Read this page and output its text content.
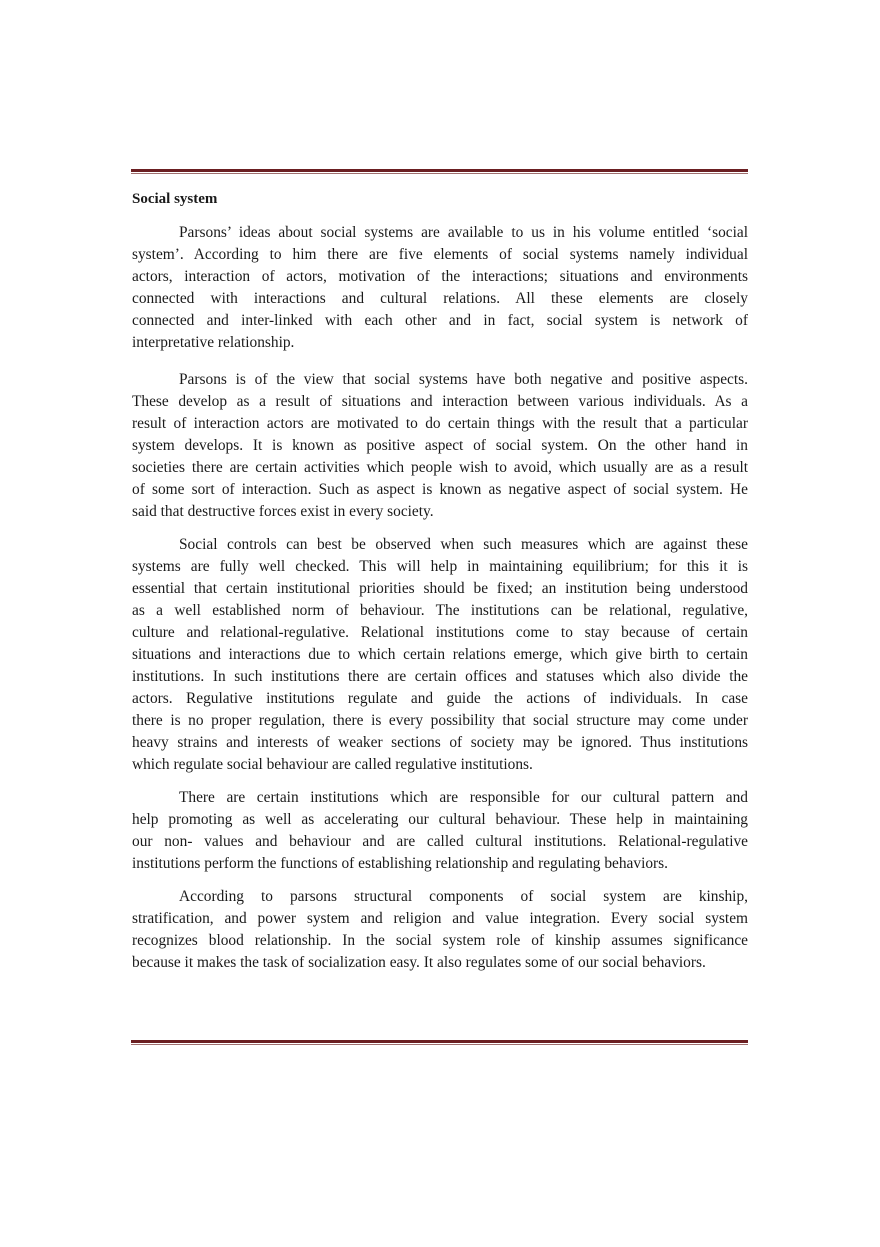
Social system
Parsons’ ideas about social systems are available to us in his volume entitled ‘social
system’. According to him there are five elements of social systems namely individual
actors, interaction of actors, motivation of the interactions; situations and environments
connected with interactions and cultural relations. All these elements are closely
connected and inter-linked with each other and in fact, social system is network of
interpretative relationship.
Parsons is of the view that social systems have both negative and positive aspects.
These develop as a result of situations and interaction between various individuals. As a
result of interaction actors are motivated to do certain things with the result that a particular
system develops. It is known as positive aspect of social system. On the other hand in
societies there are certain activities which people wish to avoid, which usually are as a result
of some sort of interaction. Such as aspect is known as negative aspect of social system. He
said that destructive forces exist in every society.
Social controls can best be observed when such measures which are against these
systems are fully well checked. This will help in maintaining equilibrium; for this it is
essential that certain institutional priorities should be fixed; an institution being understood
as a well established norm of behaviour. The institutions can be relational, regulative,
culture and relational-regulative. Relational institutions come to stay because of certain
situations and interactions due to which certain relations emerge, which give birth to certain
institutions. In such institutions there are certain offices and statuses which also divide the
actors. Regulative institutions regulate and guide the actions of individuals. In case
there is no proper regulation, there is every possibility that social structure may come under
heavy strains and interests of weaker sections of society may be ignored. Thus institutions
which regulate social behaviour are called regulative institutions.
There are certain institutions which are responsible for our cultural pattern and
help promoting as well as accelerating our cultural behaviour. These help in maintaining
our non- values and behaviour and are called cultural institutions. Relational-regulative
institutions perform the functions of establishing relationship and regulating behaviors.
According to parsons structural components of social system are kinship,
stratification, and power system and religion and value integration. Every social system
recognizes blood relationship. In the social system role of kinship assumes significance
because it makes the task of socialization easy. It also regulates some of our social behaviors.
